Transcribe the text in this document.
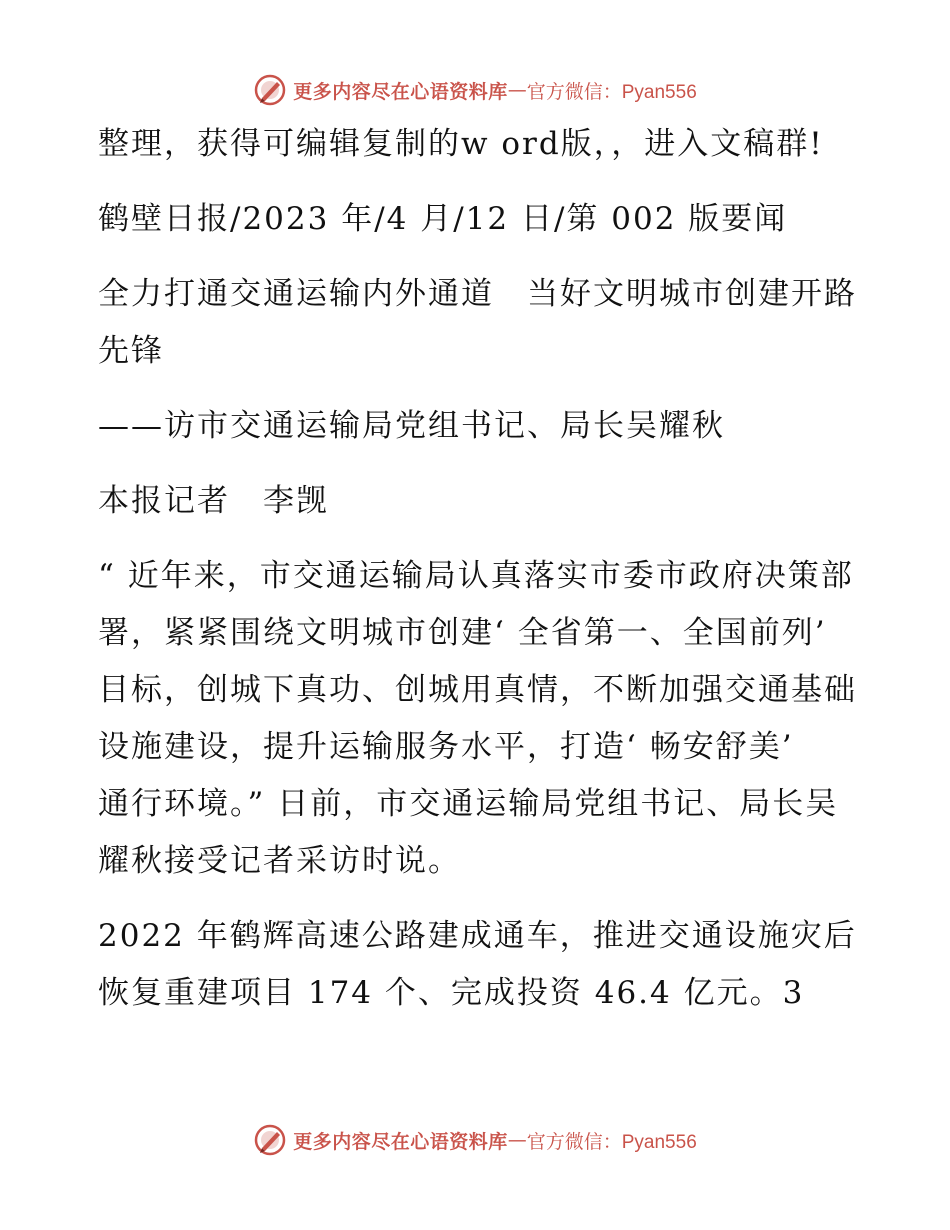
更多内容尽在心语资料库 — 官方微信：Pyan556

整理，获得可编辑复制的w ord版，，进入文稿群!

鹤壁日报/2023 年/4 月/12 日/第 002 版要闻

全力打通交通运输内外通道　当好文明城市创建开路先锋

——访市交通运输局党组书记、局长吴耀秋

本报记者　李觊

“ 近年来，市交通运输局认真落实市委市政府决策部署，紧紧围绕文明城市创建‘ 全省第一、全国前列’　目标，创城下真功、创城用真情，不断加强交通基础设施建设，提升运输服务水平，打造‘ 畅安舒美’　通行环境。” 日前，市交通运输局党组书记、局长吴耀秋接受记者采访时说。

2022 年鹤辉高速公路建成通车，推进交通设施灾后恢复重建项目 174 个、完成投资 46.4 亿元。3

更多内容尽在心语资料库 — 官方微信：Pyan556
